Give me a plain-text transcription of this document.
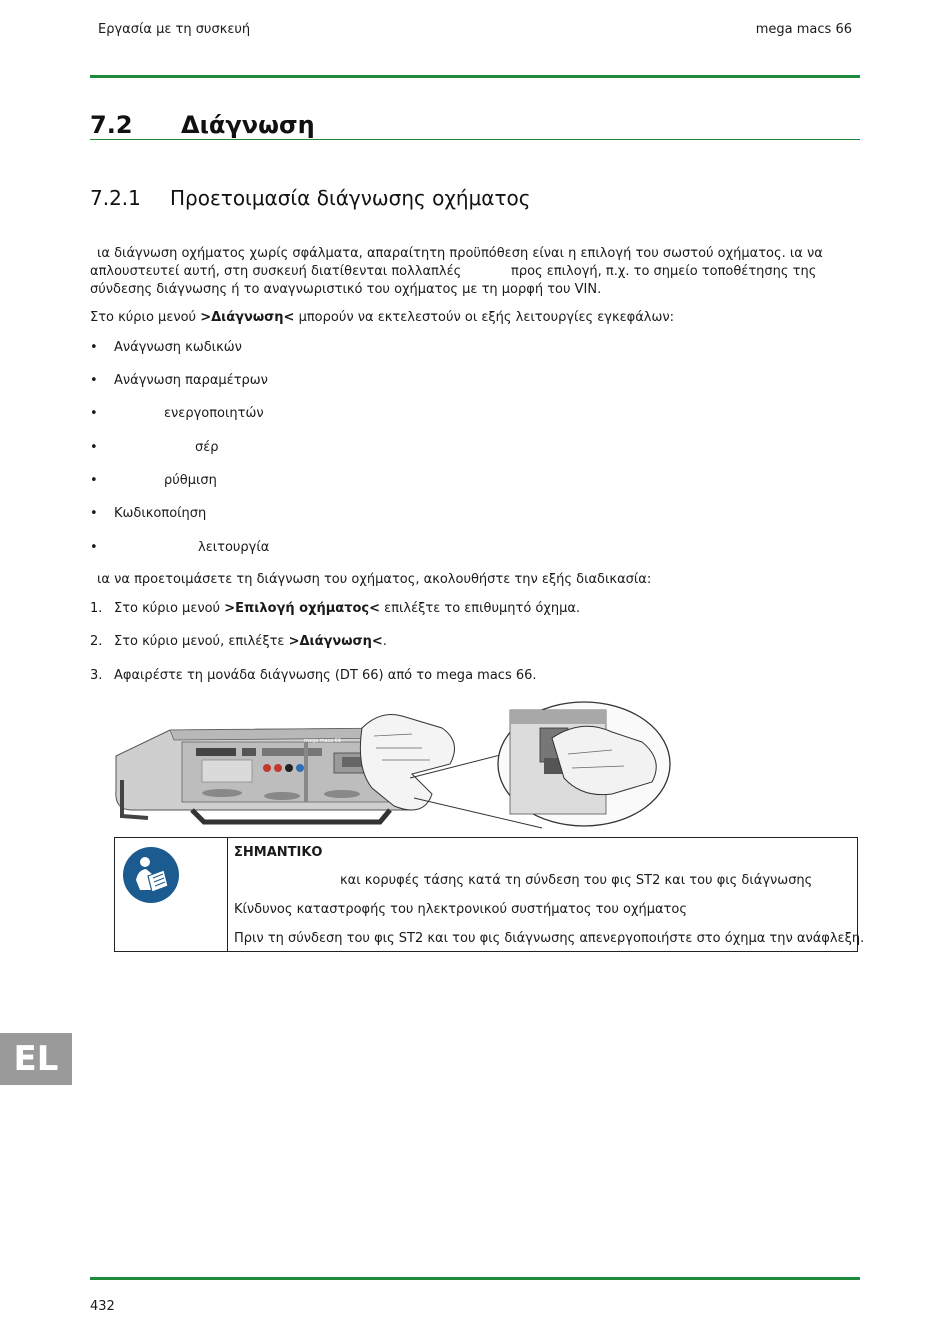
Εργασία με τη συσκευή	mega macs 66
7.2 Διάγνωση
7.2.1 Προετοιμασία διάγνωσης οχήματος
ια διάγνωση οχήματος χωρίς σφάλματα, απαραίτητη προϋπόθεση είναι η επιλογή του σωστού οχήματος. ια να
απλουστευτεί αυτή, στη συσκευή διατίθενται πολλαπλές	προς επιλογή, π.χ. το σημείο τοποθέτησης της
σύνδεσης διάγνωσης ή το αναγνωριστικό του οχήματος με τη μορφή του VIN.
Στο κύριο μενού >Διάγνωση< μπορούν να εκτελεστούν οι εξής λειτουργίες εγκεφάλων:
• Ανάγνωση κωδικών
• Ανάγνωση παραμέτρων
•	ενεργοποιητών
•	σέρ
•	ρύθμιση
• Κωδικοποίηση
•	λειτουργία
ια να προετοιμάσετε τη διάγνωση του οχήματος, ακολουθήστε την εξής διαδικασία:
1. Στο κύριο μενού >Επιλογή οχήματος< επιλέξτε το επιθυμητό όχημα.
2. Στο κύριο μενού, επιλέξτε >Διάγνωση<.
3. Αφαιρέστε τη μονάδα διάγνωσης (DT 66) από το mega macs 66.
mega macs 66
ΣΗΜΑΝΤΙΚΟ
και κορυφές τάσης κατά τη σύνδεση του φις ST2 και του φις διάγνωσης
Κίνδυνος καταστροφής του ηλεκτρονικού συστήματος του οχήματος
Πριν τη σύνδεση του φις ST2 και του φις διάγνωσης απενεργοποιήστε στο όχημα την ανάφλεξη.
EL
432
